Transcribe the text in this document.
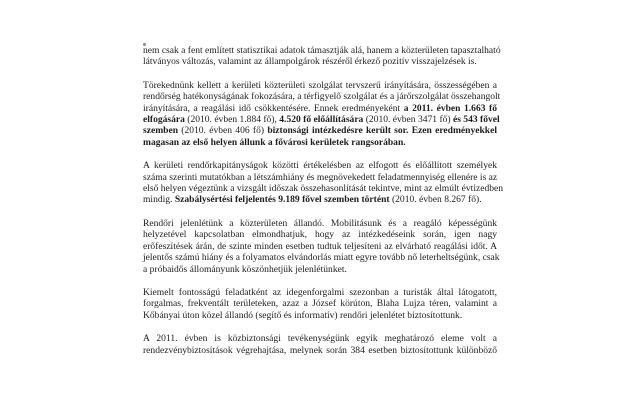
nem csak a fent említett statisztikai adatok támasztják alá, hanem a közterületen tapasztalható
látványos változás, valamint az állampolgárok részéről érkező pozitív visszajelzések is.

Törekednünk kellett a kerületi közterületi szolgálat tervszerű irányítására, összességében a
rendőrség hatékonyságának fokozására, a térfigyelő szolgálat és a járőrszolgálat összehangolt
irányítására, a reagálási idő csökkentésére. Ennek eredményeként a 2011. évben 1.663 fő
elfogására (2010. évben 1.884 fő), 4.520 fő előállítására (2010. évben 3471 fő) és 543 fővel
szemben (2010. évben 406 fő) biztonsági intézkedésre került sor. Ezen eredményekkel
magasan az első helyen állunk a fővárosi kerületek rangsorában.

A kerületi rendőrkapitányságok közötti értékelésben az elfogott és előállított személyek
száma szerinti mutatókban a létszámhiány és megnövekedett feladatmennyiség ellenére is az
első helyen végeztünk a vizsgált időszak összehasonlítását tekintve, mint az elmúlt évtizedben
mindig. Szabálysértési feljelentés 9.189 fővel szemben történt (2010. évben 8.267 fő).

Rendőri jelenlétünk a közterületen állandó. Mobilitásunk és a reagáló képességünk
helyzetével kapcsolatban elmondhatjuk, hogy az intézkedéseink során, igen nagy
erőfeszítések árán, de szinte minden esetben tudtuk teljesíteni az elvárható reagálási időt. A
jelentős számú hiány és a folyamatos elvándorlás miatt egyre tovább nő leterheltségünk, csak
a próbaidős állományunk köszönhetjük jelenlétünket.

Kiemelt fontosságú feladatként az idegenforgalmi szezonban a turisták által látogatott,
forgalmas, frekventált területeken, azaz a József körúton, Blaha Lujza téren, valamint a
Kőbányai úton közel állandó (segítő és informatív) rendőri jelenlétet biztosítottunk.

A 2011. évben is közbiztonsági tevékenységünk egyik meghatározó eleme volt a
rendezvénybiztosítások végrehajtása, melynek során 384 esetben biztosítottunk különböző
